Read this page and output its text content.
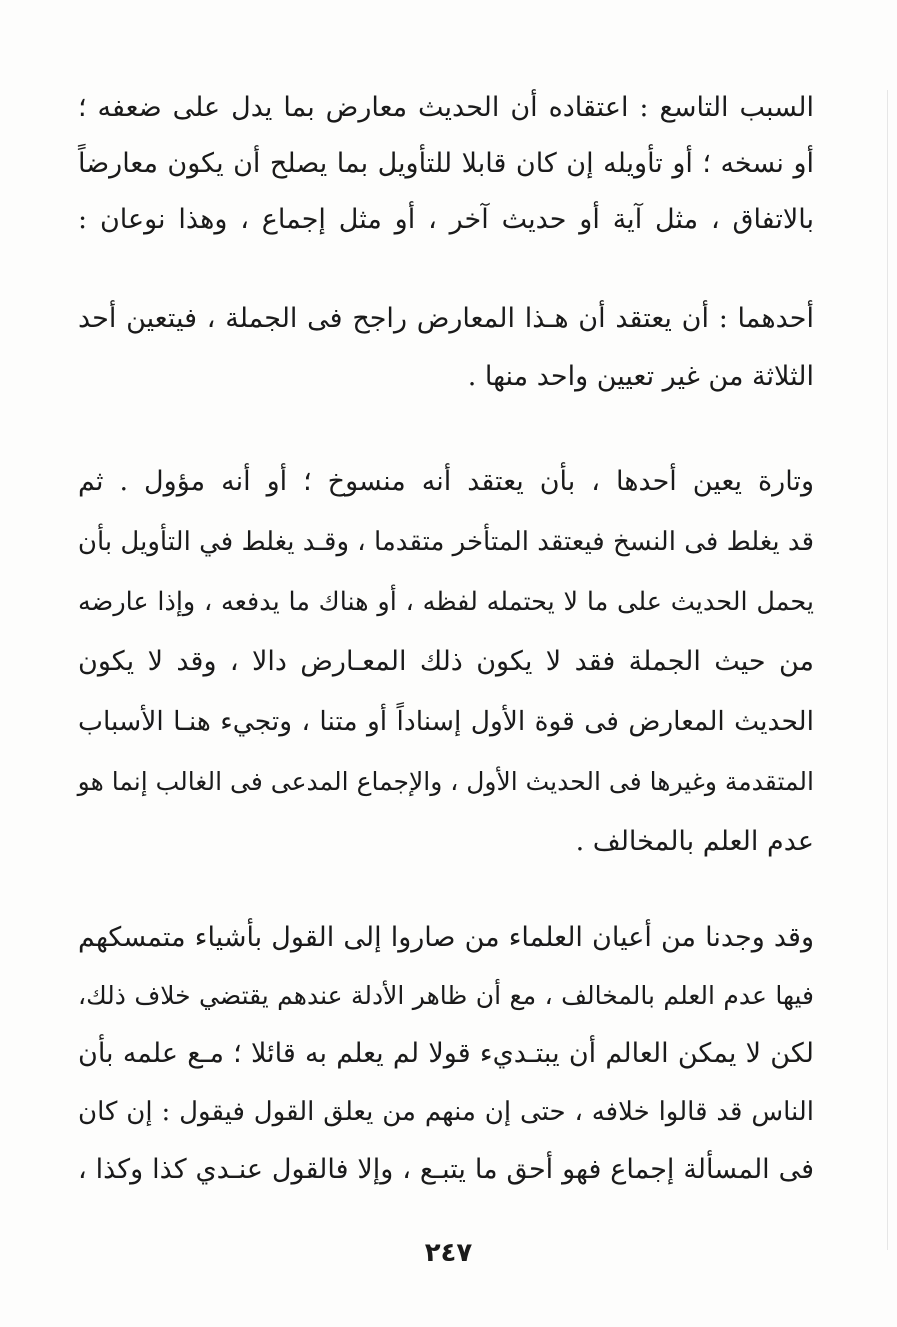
السبب التاسع : اعتقاده أن الحديث معارض بما يدل على ضعفه ؛
أو نسخه ؛ أو تأويله إن كان قابلا للتأويل بما يصلح أن يكون معارضاً
بالاتفاق ، مثل آية أو حديث آخر ، أو مثل إجماع ، وهذا نوعان :
أحدهما : أن يعتقد أن هـذا المعارض راجح فى الجملة ، فيتعين أحد
الثلاثة من غير تعيين واحد منها .
وتارة يعين أحدها ، بأن يعتقد أنه منسوخ ؛ أو أنه مؤول . ثم
قد يغلط فى النسخ فيعتقد المتأخر متقدما ، وقـد يغلط في التأويل بأن
يحمل الحديث على ما لا يحتمله لفظه ، أو هناك ما يدفعه ، وإذا عارضه
من حيث الجملة فقد لا يكون ذلك المعـارض دالا ، وقد لا يكون
الحديث المعارض فى قوة الأول إسناداً أو متنا ، وتجيء هنـا الأسباب
المتقدمة وغيرها فى الحديث الأول ، والإجماع المدعى فى الغالب إنما هو
عدم العلم بالمخالف .
وقد وجدنا من أعيان العلماء من صاروا إلى القول بأشياء متمسكهم
فيها عدم العلم بالمخالف ، مع أن ظاهر الأدلة عندهم يقتضي خلاف ذلك،
لكن لا يمكن العالم أن يبتـديء قولا لم يعلم به قائلا ؛ مـع علمه بأن
الناس قد قالوا خلافه ، حتى إن منهم من يعلق القول فيقول : إن كان
فى المسألة إجماع فهو أحق ما يتبـع ، وإلا فالقول عنـدي كذا وكذا ،
٢٤٧
